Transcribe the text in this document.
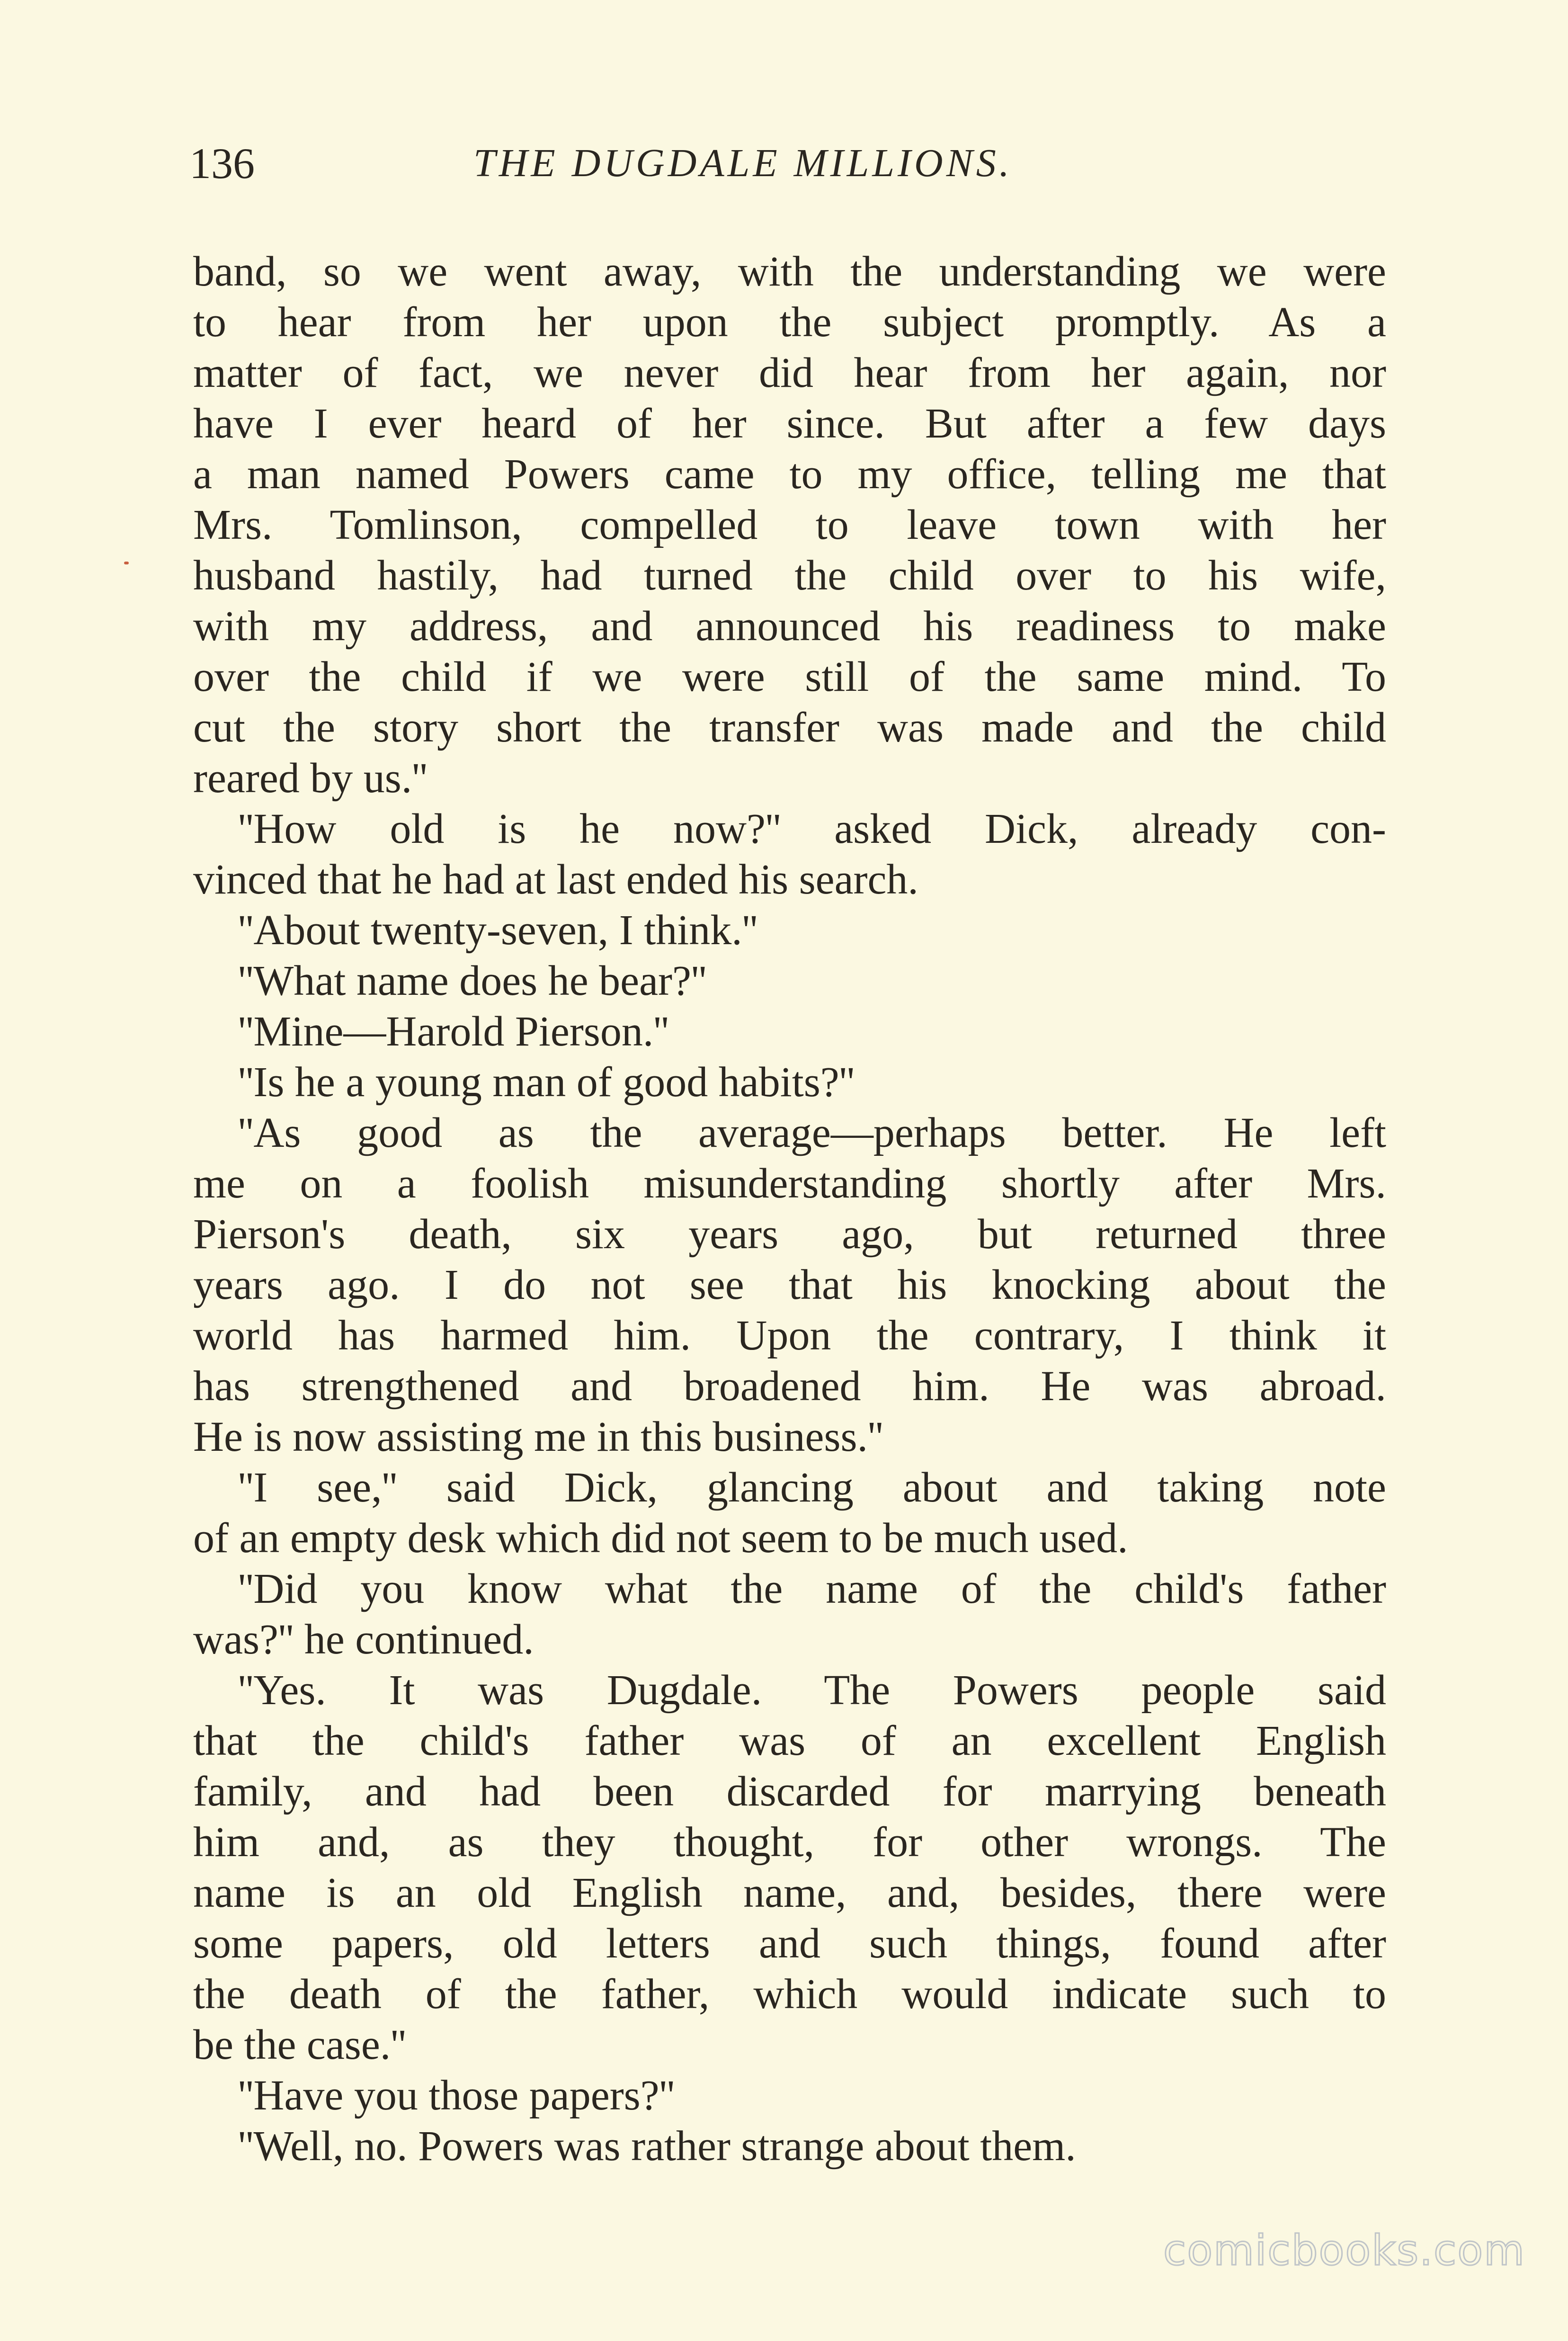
136	THE DUGDALE MILLIONS.
band, so we went away, with the understanding we were
to hear from her upon the subject promptly. As a
matter of fact, we never did hear from her again, nor
have I ever heard of her since. But after a few days
a man named Powers came to my office, telling me that
Mrs. Tomlinson, compelled to leave town with her
husband hastily, had turned the child over to his wife,
with my address, and announced his readiness to make
over the child if we were still of the same mind. To
cut the story short the transfer was made and the child
reared by us.''
''How old is he now?'' asked Dick, already con-
vinced that he had at last ended his search.
''About twenty-seven, I think.''
''What name does he bear?''
''Mine—Harold Pierson.''
''Is he a young man of good habits?''
''As good as the average—perhaps better. He left
me on a foolish misunderstanding shortly after Mrs.
Pierson's death, six years ago, but returned three
years ago. I do not see that his knocking about the
world has harmed him. Upon the contrary, I think it
has strengthened and broadened him. He was abroad.
He is now assisting me in this business.''
''I see,'' said Dick, glancing about and taking note
of an empty desk which did not seem to be much used.
''Did you know what the name of the child's father
was?'' he continued.
''Yes. It was Dugdale. The Powers people said
that the child's father was of an excellent English
family, and had been discarded for marrying beneath
him and, as they thought, for other wrongs. The
name is an old English name, and, besides, there were
some papers, old letters and such things, found after
the death of the father, which would indicate such to
be the case.''
''Have you those papers?''
''Well, no. Powers was rather strange about them.
comicbooks.com
